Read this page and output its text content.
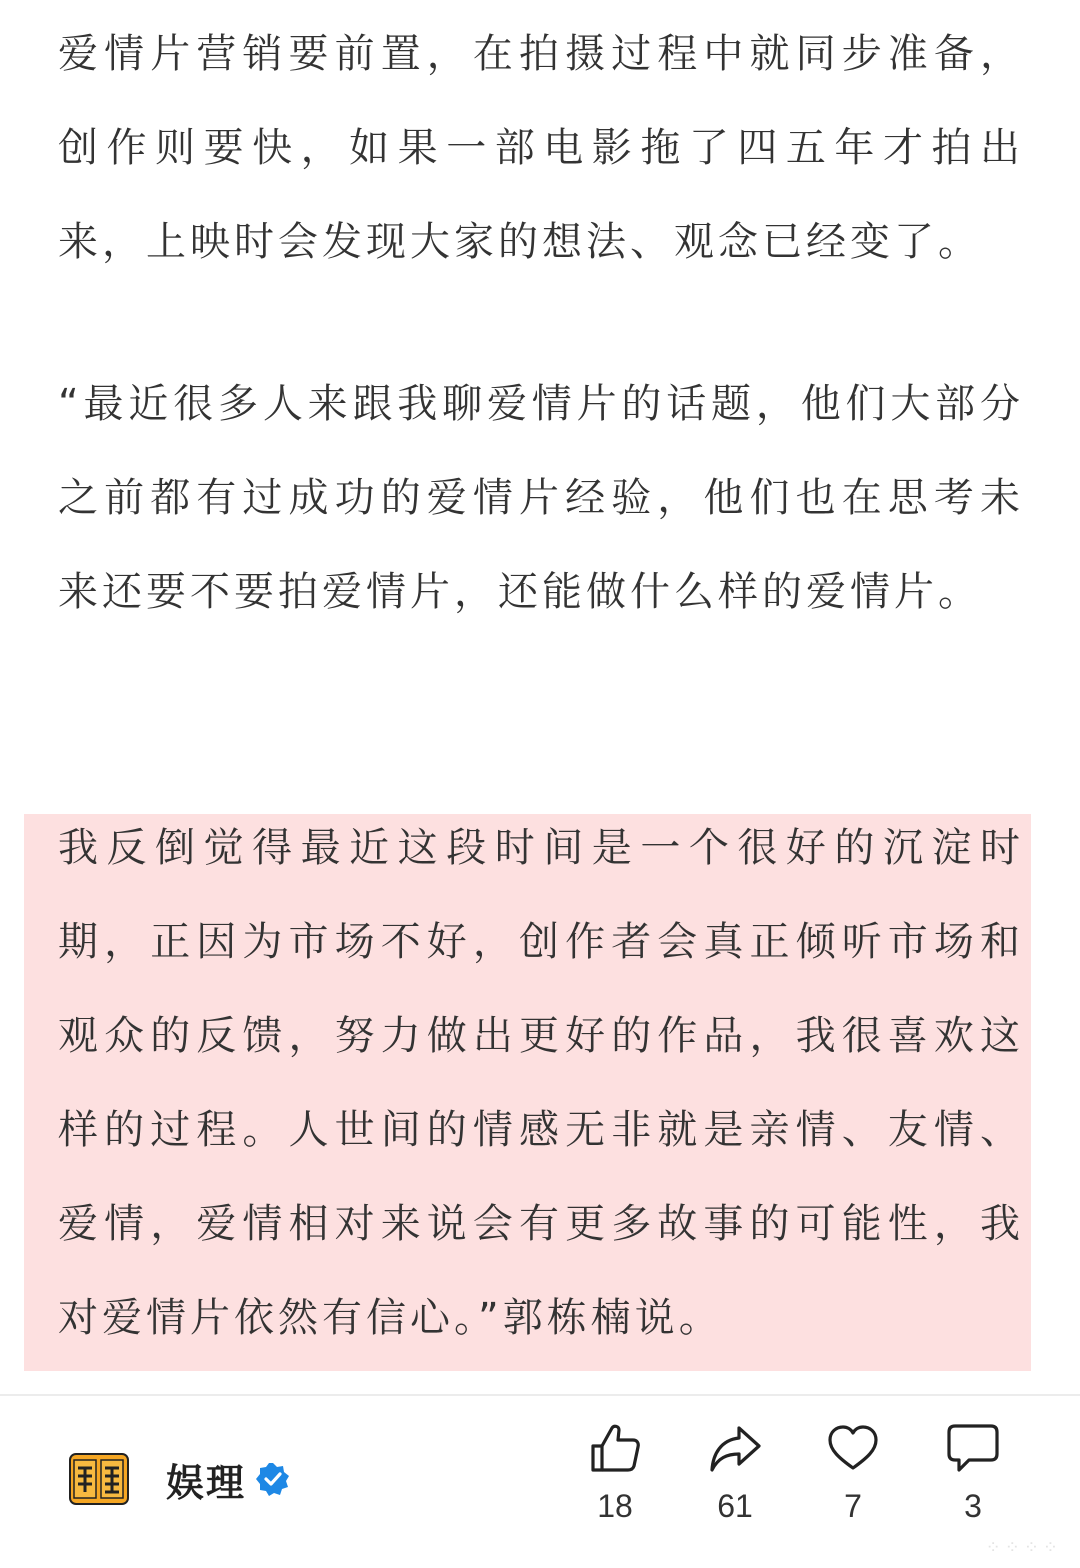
爱情片营销要前置，在拍摄过程中就同步准备，创作则要快，如果一部电影拖了四五年才拍出来，上映时会发现大家的想法、观念已经变了。
“最近很多人来跟我聊爱情片的话题，他们大部分之前都有过成功的爱情片经验，他们也在思考未来还要不要拍爱情片，还能做什么样的爱情片。
我反倒觉得最近这段时间是一个很好的沉淀时期，正因为市场不好，创作者会真正倾听市场和观众的反馈，努力做出更好的作品，我很喜欢这样的过程。人世间的情感无非就是亲情、友情、爱情，爱情相对来说会有更多故事的可能性，我对爱情片依然有信心。”郭栋楠说。
娱理
18	61	7	3
⁘⁘⁘⁘
